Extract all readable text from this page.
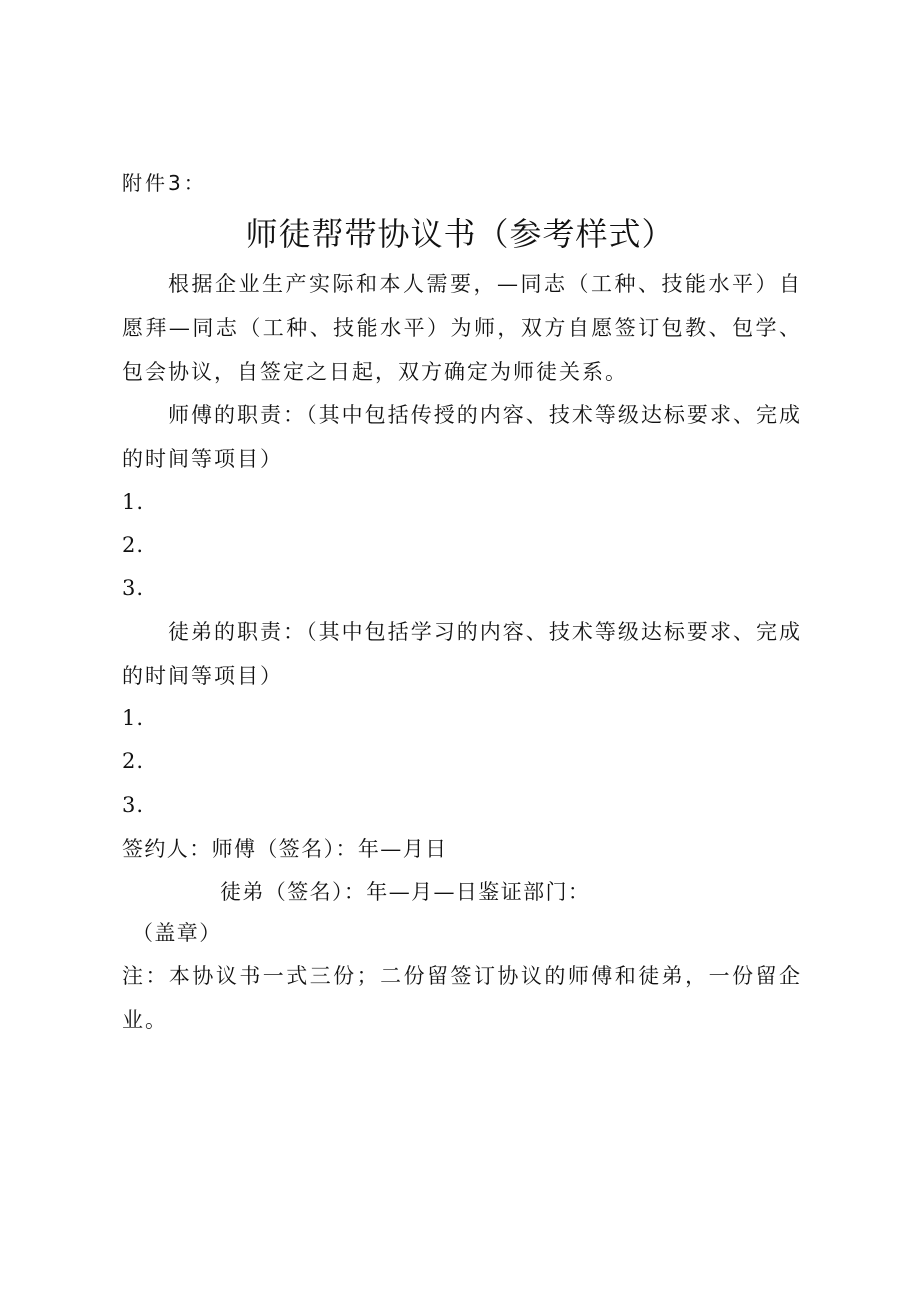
附件3：
师徒帮带协议书（参考样式）
根据企业生产实际和本人需要，—同志（工种、技能水平）自愿拜—同志（工种、技能水平）为师，双方自愿签订包教、包学、包会协议，自签定之日起，双方确定为师徒关系。
师傅的职责：（其中包括传授的内容、技术等级达标要求、完成的时间等项目）
1.
2.
3.
徒弟的职责：（其中包括学习的内容、技术等级达标要求、完成的时间等项目）
1.
2.
3.
签约人：师傅（签名）：年—月日
徒弟（签名）：年—月—日鉴证部门：
（盖章）
注：本协议书一式三份；二份留签订协议的师傅和徒弟，一份留企业。
